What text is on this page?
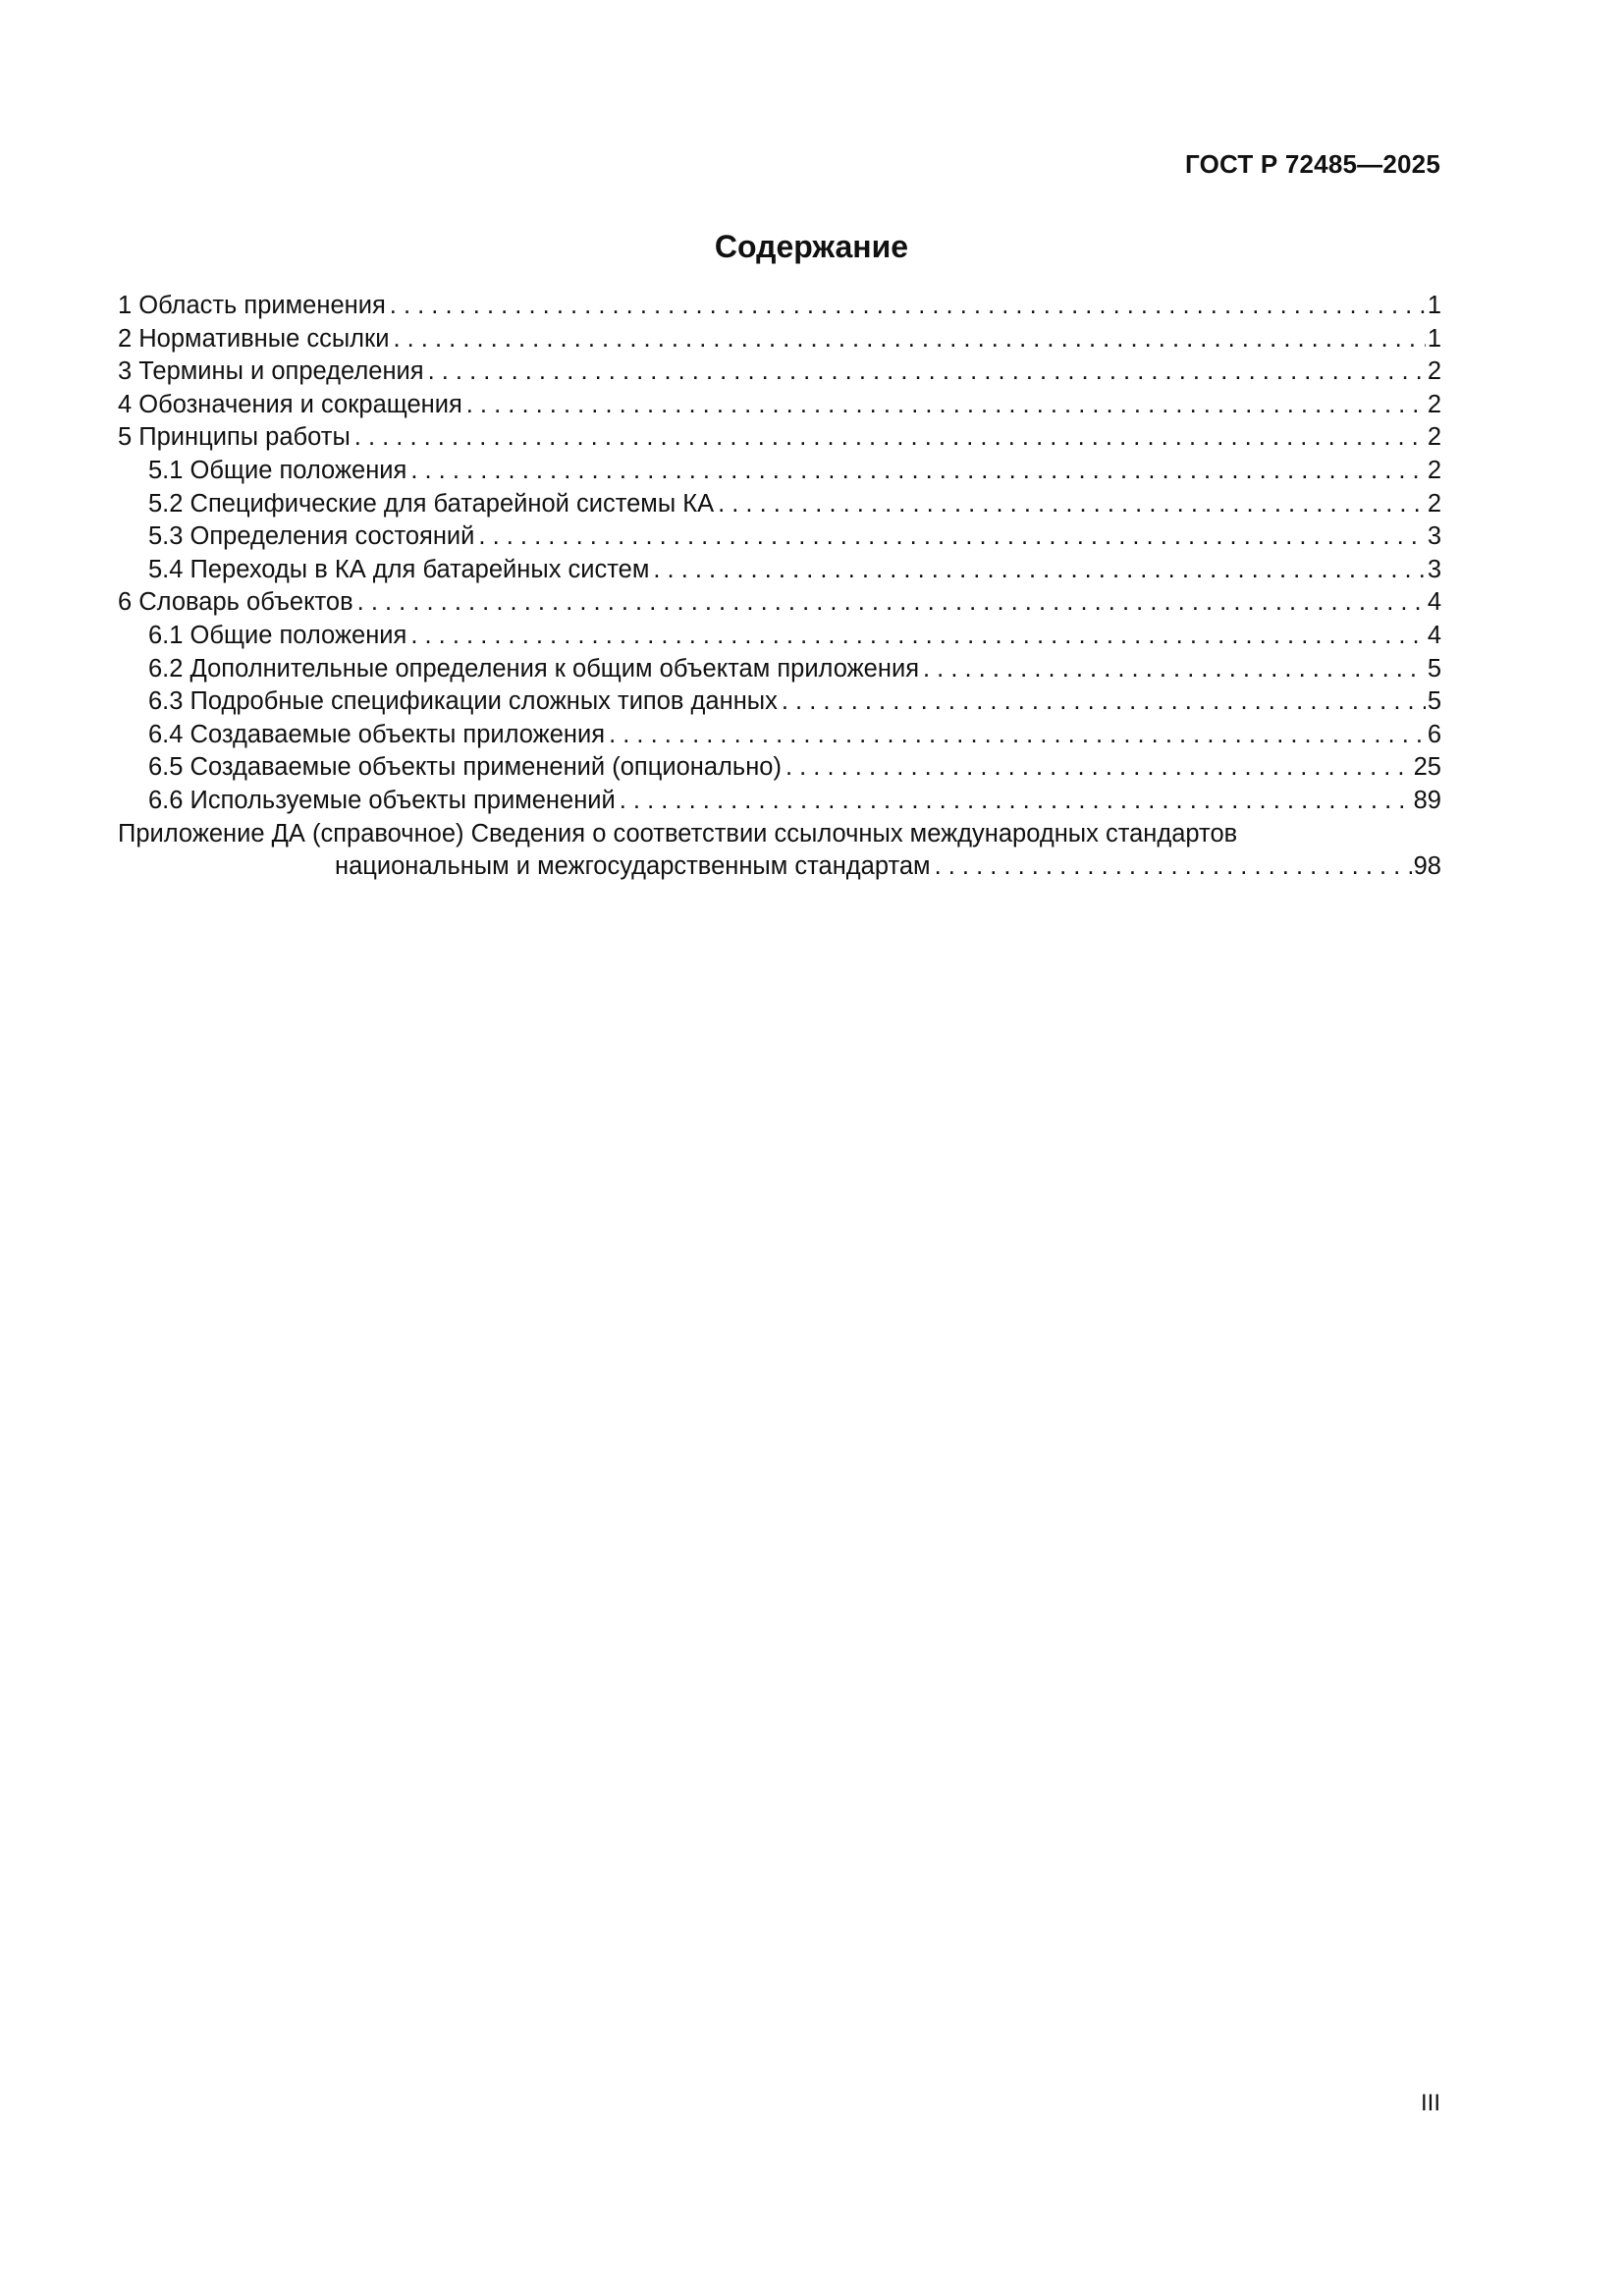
ГОСТ Р 72485—2025
Содержание
1 Область применения . . .	1
2 Нормативные ссылки . . .	1
3 Термины и определения . . .	2
4 Обозначения и сокращения . . .	2
5 Принципы работы . . .	2
5.1 Общие положения . . .	2
5.2 Специфические для батарейной системы КА . . .	2
5.3 Определения состояний . . .	3
5.4 Переходы в КА для батарейных систем . . .	3
6 Словарь объектов . . .	4
6.1 Общие положения . . .	4
6.2 Дополнительные определения к общим объектам приложения . . .	5
6.3 Подробные спецификации сложных типов данных . . .	5
6.4 Создаваемые объекты приложения . . .	6
6.5 Создаваемые объекты применений (опционально) . . .	25
6.6 Используемые объекты применений . . .	89
Приложение ДА (справочное) Сведения о соответствии ссылочных международных стандартов
национальным и межгосударственным стандартам . . .	98
III
